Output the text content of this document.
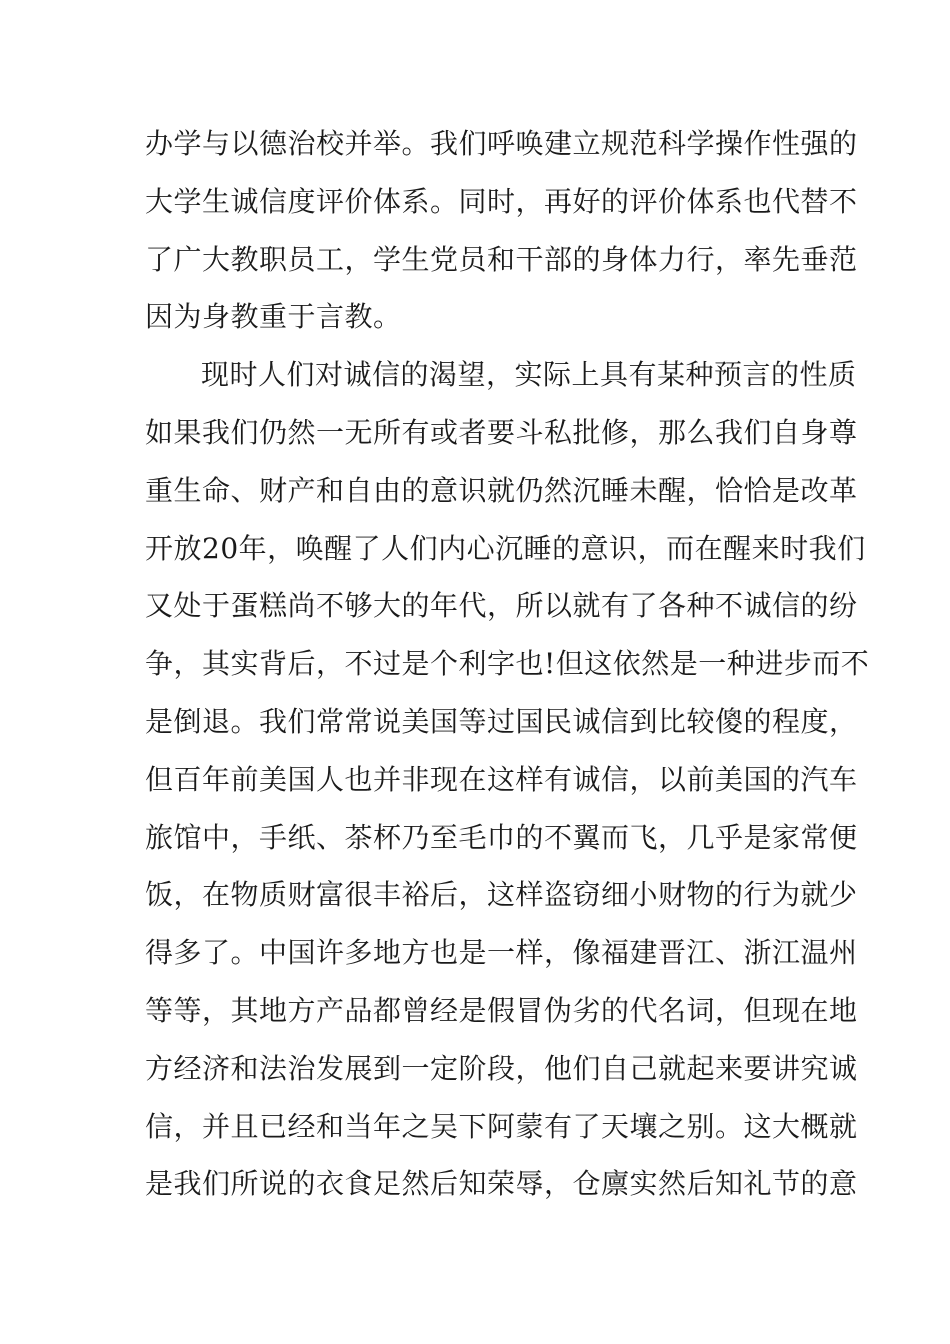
办学与以德治校并举。我们呼唤建立规范科学操作性强的
大学生诚信度评价体系。同时，再好的评价体系也代替不
了广大教职员工，学生党员和干部的身体力行，率先垂范
因为身教重于言教。
现时人们对诚信的渴望，实际上具有某种预言的性质
如果我们仍然一无所有或者要斗私批修，那么我们自身尊
重生命、财产和自由的意识就仍然沉睡未醒，恰恰是改革
开放20年，唤醒了人们内心沉睡的意识，而在醒来时我们
又处于蛋糕尚不够大的年代，所以就有了各种不诚信的纷
争，其实背后，不过是个利字也!但这依然是一种进步而不
是倒退。我们常常说美国等过国民诚信到比较傻的程度，
但百年前美国人也并非现在这样有诚信，以前美国的汽车
旅馆中，手纸、茶杯乃至毛巾的不翼而飞，几乎是家常便
饭，在物质财富很丰裕后，这样盗窃细小财物的行为就少
得多了。中国许多地方也是一样，像福建晋江、浙江温州
等等，其地方产品都曾经是假冒伪劣的代名词，但现在地
方经济和法治发展到一定阶段，他们自己就起来要讲究诚
信，并且已经和当年之吴下阿蒙有了天壤之别。这大概就
是我们所说的衣食足然后知荣辱，仓廪实然后知礼节的意
